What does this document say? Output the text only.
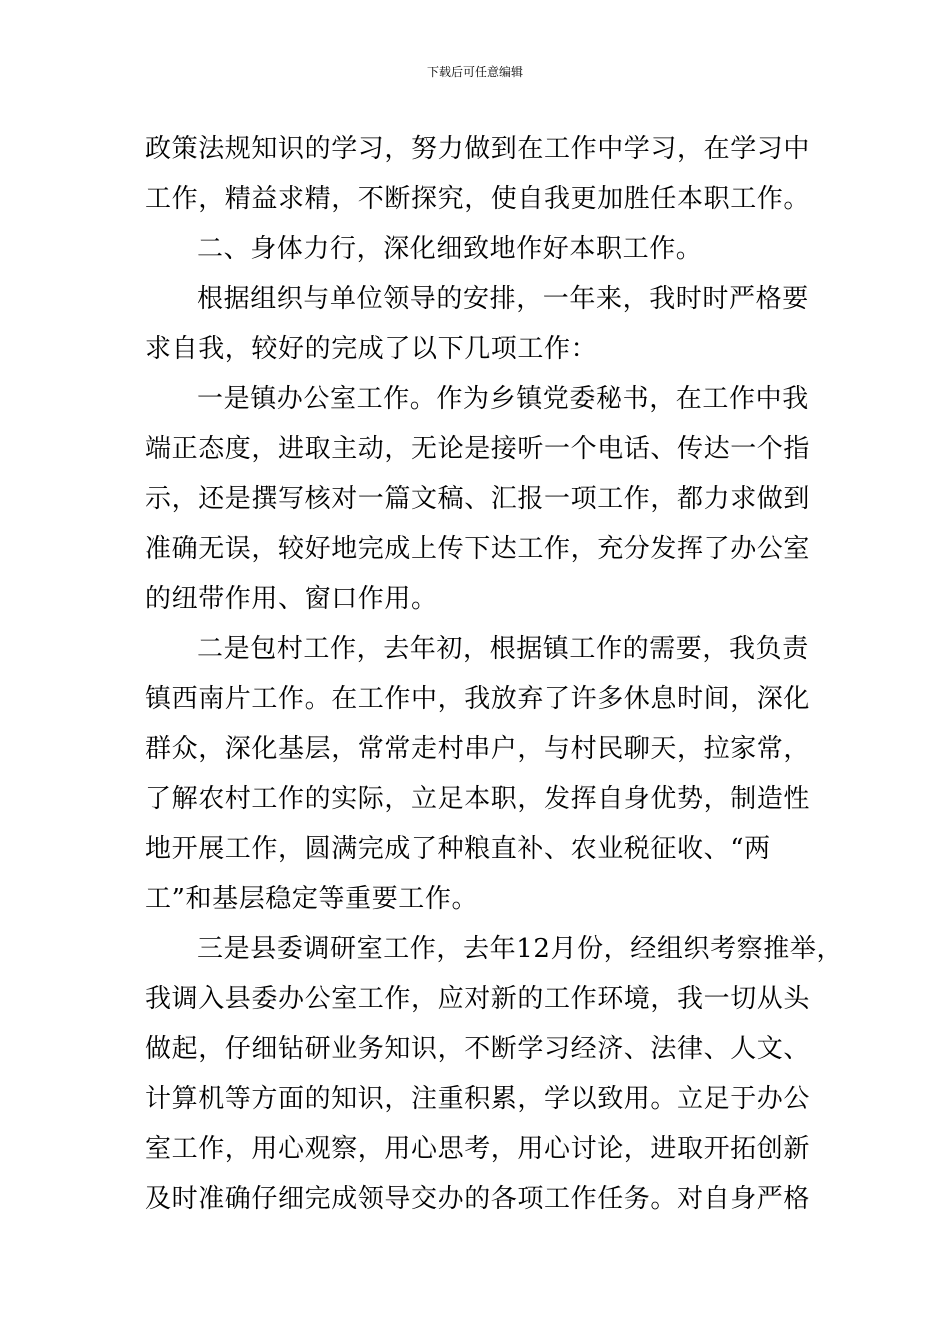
下载后可任意编辑
政策法规知识的学习，努力做到在工作中学习，在学习中
工作，精益求精，不断探究，使自我更加胜任本职工作。
二、身体力行，深化细致地作好本职工作。
根据组织与单位领导的安排，一年来，我时时严格要
求自我，较好的完成了以下几项工作：
一是镇办公室工作。作为乡镇党委秘书，在工作中我
端正态度，进取主动，无论是接听一个电话、传达一个指
示，还是撰写核对一篇文稿、汇报一项工作，都力求做到
准确无误，较好地完成上传下达工作，充分发挥了办公室
的纽带作用、窗口作用。
二是包村工作，去年初，根据镇工作的需要，我负责
镇西南片工作。在工作中，我放弃了许多休息时间，深化
群众，深化基层，常常走村串户，与村民聊天，拉家常，
了解农村工作的实际，立足本职，发挥自身优势，制造性
地开展工作，圆满完成了种粮直补、农业税征收、“两
工”和基层稳定等重要工作。
三是县委调研室工作，去年12月份，经组织考察推举，
我调入县委办公室工作，应对新的工作环境，我一切从头
做起，仔细钻研业务知识，不断学习经济、法律、人文、
计算机等方面的知识，注重积累，学以致用。立足于办公
室工作，用心观察，用心思考，用心讨论，进取开拓创新
及时准确仔细完成领导交办的各项工作任务。对自身严格
